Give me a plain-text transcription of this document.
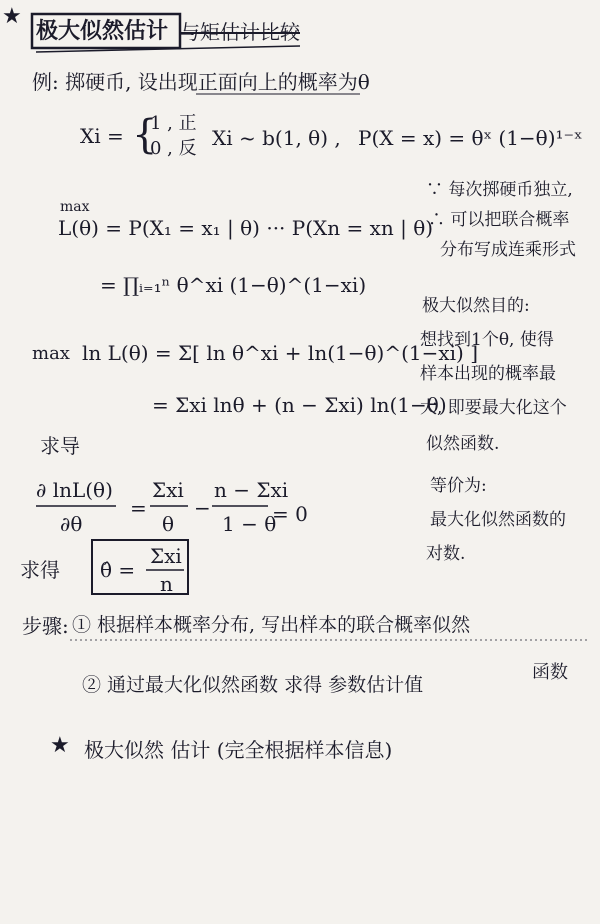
★
★
极大似然估计 与矩估计比较
例: 掷硬币, 设出现正面向上的概率为θ
Xi = {
1 , 正
0 , 反 Xi ~ b(1, θ) , P(X = x) = θˣ (1−θ)¹⁻ˣ
max
L(θ) = P(X₁ = x₁ | θ) ··· P(Xn = xn | θ)
= ∏ᵢ₌₁ⁿ θ^xi (1−θ)^(1−xi)
max ln L(θ) = Σ[ ln θ^xi + ln(1−θ)^(1−xi) ]
= Σxi lnθ + (n − Σxi) ln(1−θ)
求导
∂ lnL(θ)
∂θ
=
Σxi
θ
−
n − Σxi
1 − θ
= 0
求得 θ̂ =
Σxi
n
∵ 每次掷硬币独立,
∴ 可以把联合概率
分布写成连乘形式
极大似然目的:
想找到1个θ, 使得
样本出现的概率最
大, 即要最大化这个
似然函数.
等价为:
最大化似然函数的
对数.
步骤: ① 根据样本概率分布, 写出样本的联合概率似然
函数
② 通过最大化似然函数 求得 参数估计值
极大似然 估计 (完全根据样本信息)
